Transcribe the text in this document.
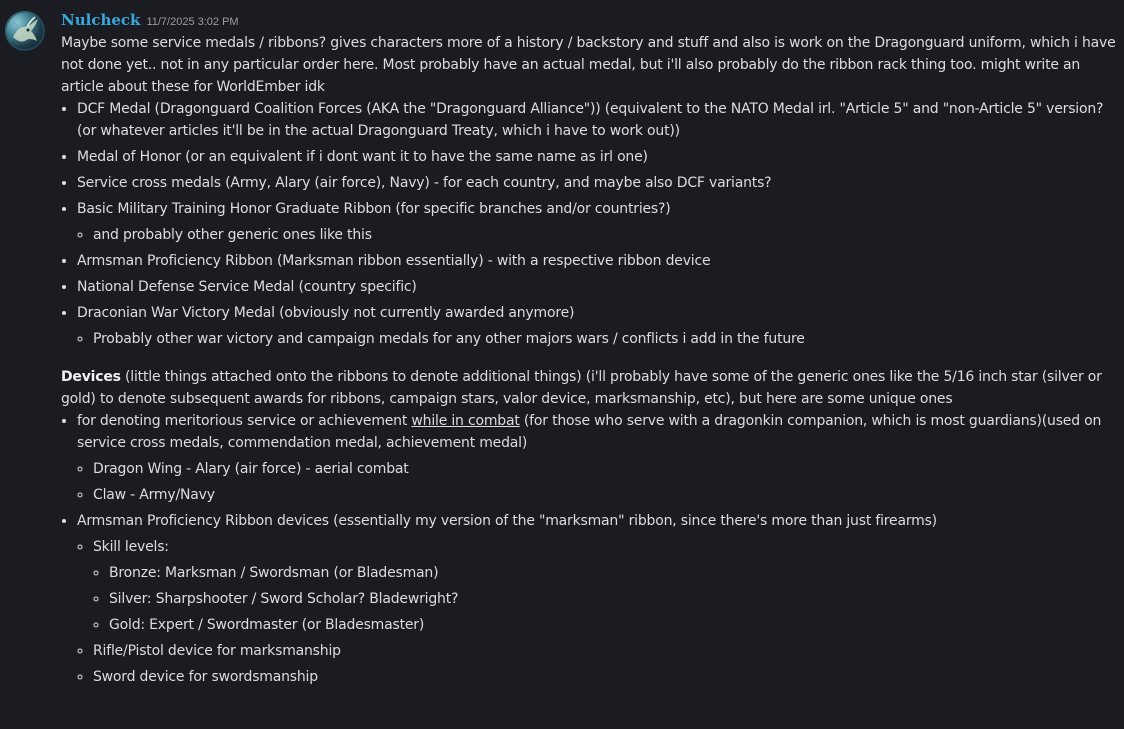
Nulcheck 11/7/2025 3:02 PM

Maybe some service medals / ribbons? gives characters more of a history / backstory and stuff and also is work on the Dragonguard uniform, which i have not done yet.. not in any particular order here. Most probably have an actual medal, but i'll also probably do the ribbon rack thing too. might write an article about these for WorldEmber idk

• DCF Medal (Dragonguard Coalition Forces (AKA the "Dragonguard Alliance")) (equivalent to the NATO Medal irl. "Article 5" and "non-Article 5" version? (or whatever articles it'll be in the actual Dragonguard Treaty, which i have to work out))
• Medal of Honor (or an equivalent if i dont want it to have the same name as irl one)
• Service cross medals (Army, Alary (air force), Navy) - for each country, and maybe also DCF variants?
• Basic Military Training Honor Graduate Ribbon (for specific branches and/or countries?)
◦ and probably other generic ones like this
• Armsman Proficiency Ribbon (Marksman ribbon essentially) - with a respective ribbon device
• National Defense Service Medal (country specific)
• Draconian War Victory Medal (obviously not currently awarded anymore)
◦ Probably other war victory and campaign medals for any other majors wars / conflicts i add in the future

Devices (little things attached onto the ribbons to denote additional things) (i'll probably have some of the generic ones like the 5/16 inch star (silver or gold) to denote subsequent awards for ribbons, campaign stars, valor device, marksmanship, etc), but here are some unique ones

• for denoting meritorious service or achievement while in combat (for those who serve with a dragonkin companion, which is most guardians)(used on service cross medals, commendation medal, achievement medal)
◦ Dragon Wing - Alary (air force) - aerial combat
◦ Claw - Army/Navy
• Armsman Proficiency Ribbon devices (essentially my version of the "marksman" ribbon, since there's more than just firearms)
◦ Skill levels:
◦ Bronze: Marksman / Swordsman (or Bladesman)
◦ Silver: Sharpshooter / Sword Scholar? Bladewright?
◦ Gold: Expert / Swordmaster (or Bladesmaster)
◦ Rifle/Pistol device for marksmanship
◦ Sword device for swordsmanship
